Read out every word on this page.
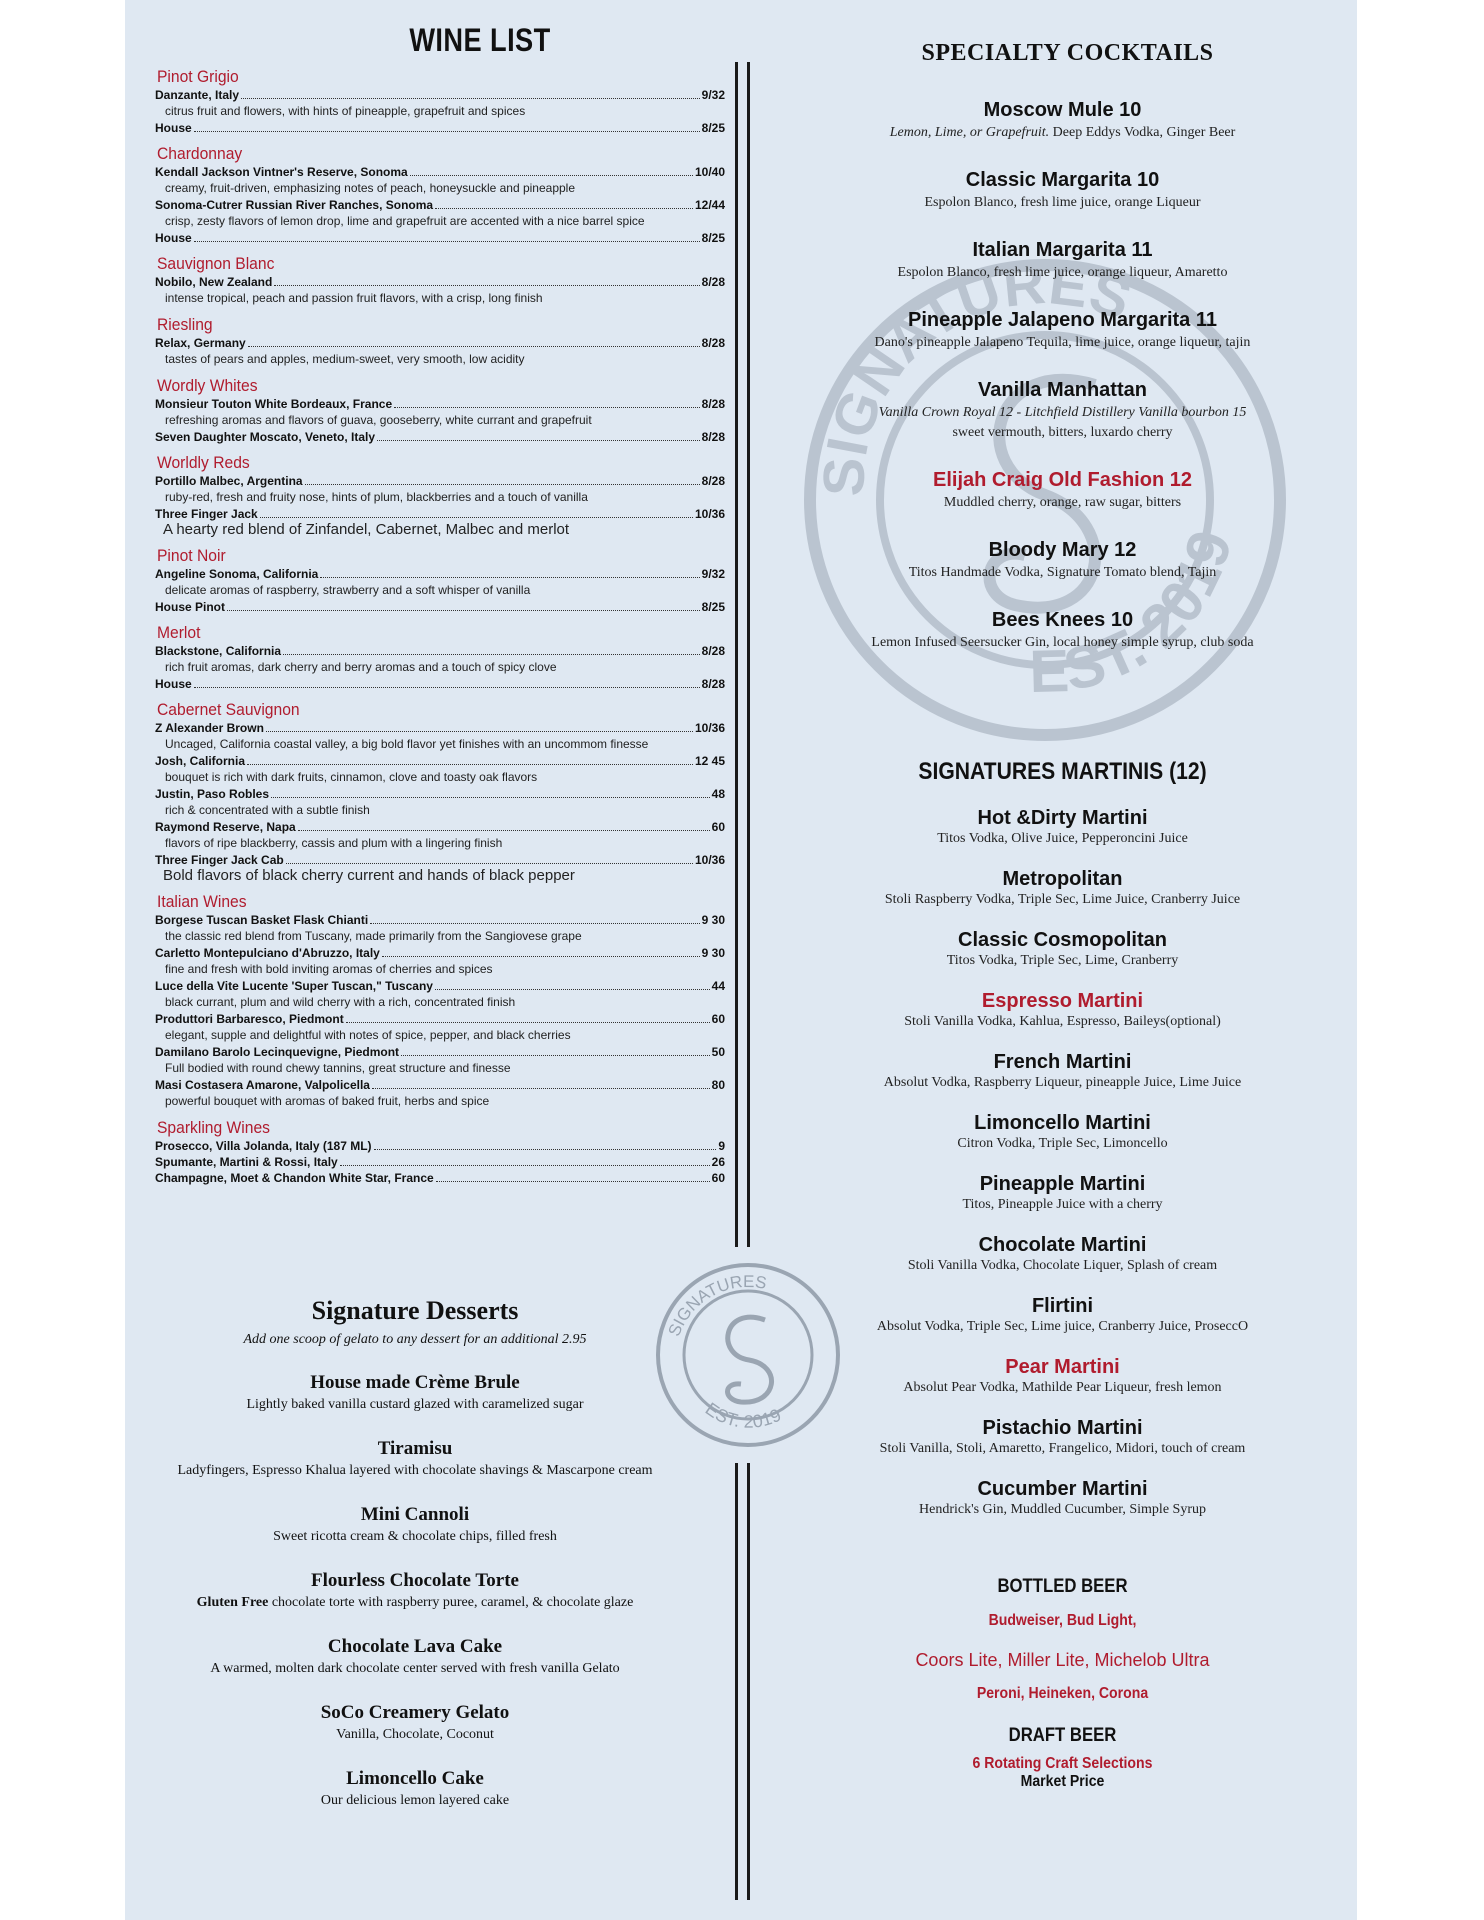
SIGNATURES
EST. 2019
WINE LIST
Pinot Grigio
Danzante, Italy	9/32
citrus fruit and flowers, with hints of pineapple, grapefruit and spices
House	8/25
Chardonnay
Kendall Jackson Vintner's Reserve, Sonoma	10/40
creamy, fruit-driven, emphasizing notes of peach, honeysuckle and pineapple
Sonoma-Cutrer Russian River Ranches, Sonoma	12/44
crisp, zesty flavors of lemon drop, lime and grapefruit are accented with a nice barrel spice
House	8/25
Sauvignon Blanc
Nobilo, New Zealand	8/28
intense tropical, peach and passion fruit flavors, with a crisp, long finish
Riesling
Relax, Germany	8/28
tastes of pears and apples, medium-sweet, very smooth, low acidity
Wordly Whites
Monsieur Touton White Bordeaux, France	8/28
refreshing aromas and flavors of guava, gooseberry, white currant and grapefruit
Seven Daughter Moscato, Veneto, Italy	8/28
Worldly Reds
Portillo Malbec, Argentina	8/28
ruby-red, fresh and fruity nose, hints of plum, blackberries and a touch of vanilla
Three Finger Jack	10/36
A hearty red blend of Zinfandel, Cabernet, Malbec and merlot
Pinot Noir
Angeline Sonoma, California	9/32
delicate aromas of raspberry, strawberry and a soft whisper of vanilla
House Pinot	8/25
Merlot
Blackstone, California	8/28
rich fruit aromas, dark cherry and berry aromas and a touch of spicy clove
House	8/28
Cabernet Sauvignon
Z Alexander Brown	10/36
Uncaged, California coastal valley, a big bold flavor yet finishes with an uncommom finesse
Josh, California	12 45
bouquet is rich with dark fruits, cinnamon, clove and toasty oak flavors
Justin, Paso Robles	48
rich & concentrated with a subtle finish
Raymond Reserve, Napa	60
flavors of ripe blackberry, cassis and plum with a lingering finish
Three Finger Jack Cab	10/36
Bold flavors of black cherry current and hands of black pepper
Italian Wines
Borgese Tuscan Basket Flask Chianti	9 30
the classic red blend from Tuscany, made primarily from the Sangiovese grape
Carletto Montepulciano d'Abruzzo, Italy	9 30
fine and fresh with bold inviting aromas of cherries and spices
Luce della Vite Lucente 'Super Tuscan," Tuscany	44
black currant, plum and wild cherry with a rich, concentrated finish
Produttori Barbaresco, Piedmont	60
elegant, supple and delightful with notes of spice, pepper, and black cherries
Damilano Barolo Lecinquevigne, Piedmont	50
Full bodied with round chewy tannins, great structure and finesse
Masi Costasera Amarone, Valpolicella	80
powerful bouquet with aromas of baked fruit, herbs and spice
Sparkling Wines
Prosecco, Villa Jolanda, Italy (187 ML)	9
Spumante, Martini & Rossi, Italy	26
Champagne, Moet & Chandon White Star, France	60
SIGNATURES
EST. 2019
Signature Desserts
Add one scoop of gelato to any dessert for an additional 2.95
House made Crème Brule
Lightly baked vanilla custard glazed with caramelized sugar
Tiramisu
Ladyfingers, Espresso Khalua layered with chocolate shavings & Mascarpone cream
Mini Cannoli
Sweet ricotta cream & chocolate chips, filled fresh
Flourless Chocolate Torte
Gluten Free chocolate torte with raspberry puree, caramel, & chocolate glaze
Chocolate Lava Cake
A warmed, molten dark chocolate center served with fresh vanilla Gelato
SoCo Creamery Gelato
Vanilla, Chocolate, Coconut
Limoncello Cake
Our delicious lemon layered cake
SPECIALTY COCKTAILS
Moscow Mule 10
Lemon, Lime, or Grapefruit. Deep Eddys Vodka, Ginger Beer
Classic Margarita 10
Espolon Blanco, fresh lime juice, orange Liqueur
Italian Margarita 11
Espolon Blanco, fresh lime juice, orange liqueur, Amaretto
Pineapple Jalapeno Margarita 11
Dano's pineapple Jalapeno Tequila, lime juice, orange liqueur, tajin
Vanilla Manhattan
Vanilla Crown Royal 12 - Litchfield Distillery Vanilla bourbon 15
sweet vermouth, bitters, luxardo cherry
Elijah Craig Old Fashion 12
Muddled cherry, orange, raw sugar, bitters
Bloody Mary 12
Titos Handmade Vodka, Signature Tomato blend, Tajin
Bees Knees 10
Lemon Infused Seersucker Gin, local honey simple syrup, club soda
SIGNATURES MARTINIS (12)
Hot &Dirty Martini
Titos Vodka, Olive Juice, Pepperoncini Juice
Metropolitan
Stoli Raspberry Vodka, Triple Sec, Lime Juice, Cranberry Juice
Classic Cosmopolitan
Titos Vodka, Triple Sec, Lime, Cranberry
Espresso Martini
Stoli Vanilla Vodka, Kahlua, Espresso, Baileys(optional)
French Martini
Absolut Vodka, Raspberry Liqueur, pineapple Juice, Lime Juice
Limoncello Martini
Citron Vodka, Triple Sec, Limoncello
Pineapple Martini
Titos, Pineapple Juice with a cherry
Chocolate Martini
Stoli Vanilla Vodka, Chocolate Liquer, Splash of cream
Flirtini
Absolut Vodka, Triple Sec, Lime juice, Cranberry Juice, ProseccO
Pear Martini
Absolut Pear Vodka, Mathilde Pear Liqueur, fresh lemon
Pistachio Martini
Stoli Vanilla, Stoli, Amaretto, Frangelico, Midori, touch of cream
Cucumber Martini
Hendrick's Gin, Muddled Cucumber, Simple Syrup
BOTTLED BEER
Budweiser, Bud Light,
Coors Lite, Miller Lite, Michelob Ultra
Peroni, Heineken, Corona
DRAFT BEER
6 Rotating Craft Selections
Market Price
